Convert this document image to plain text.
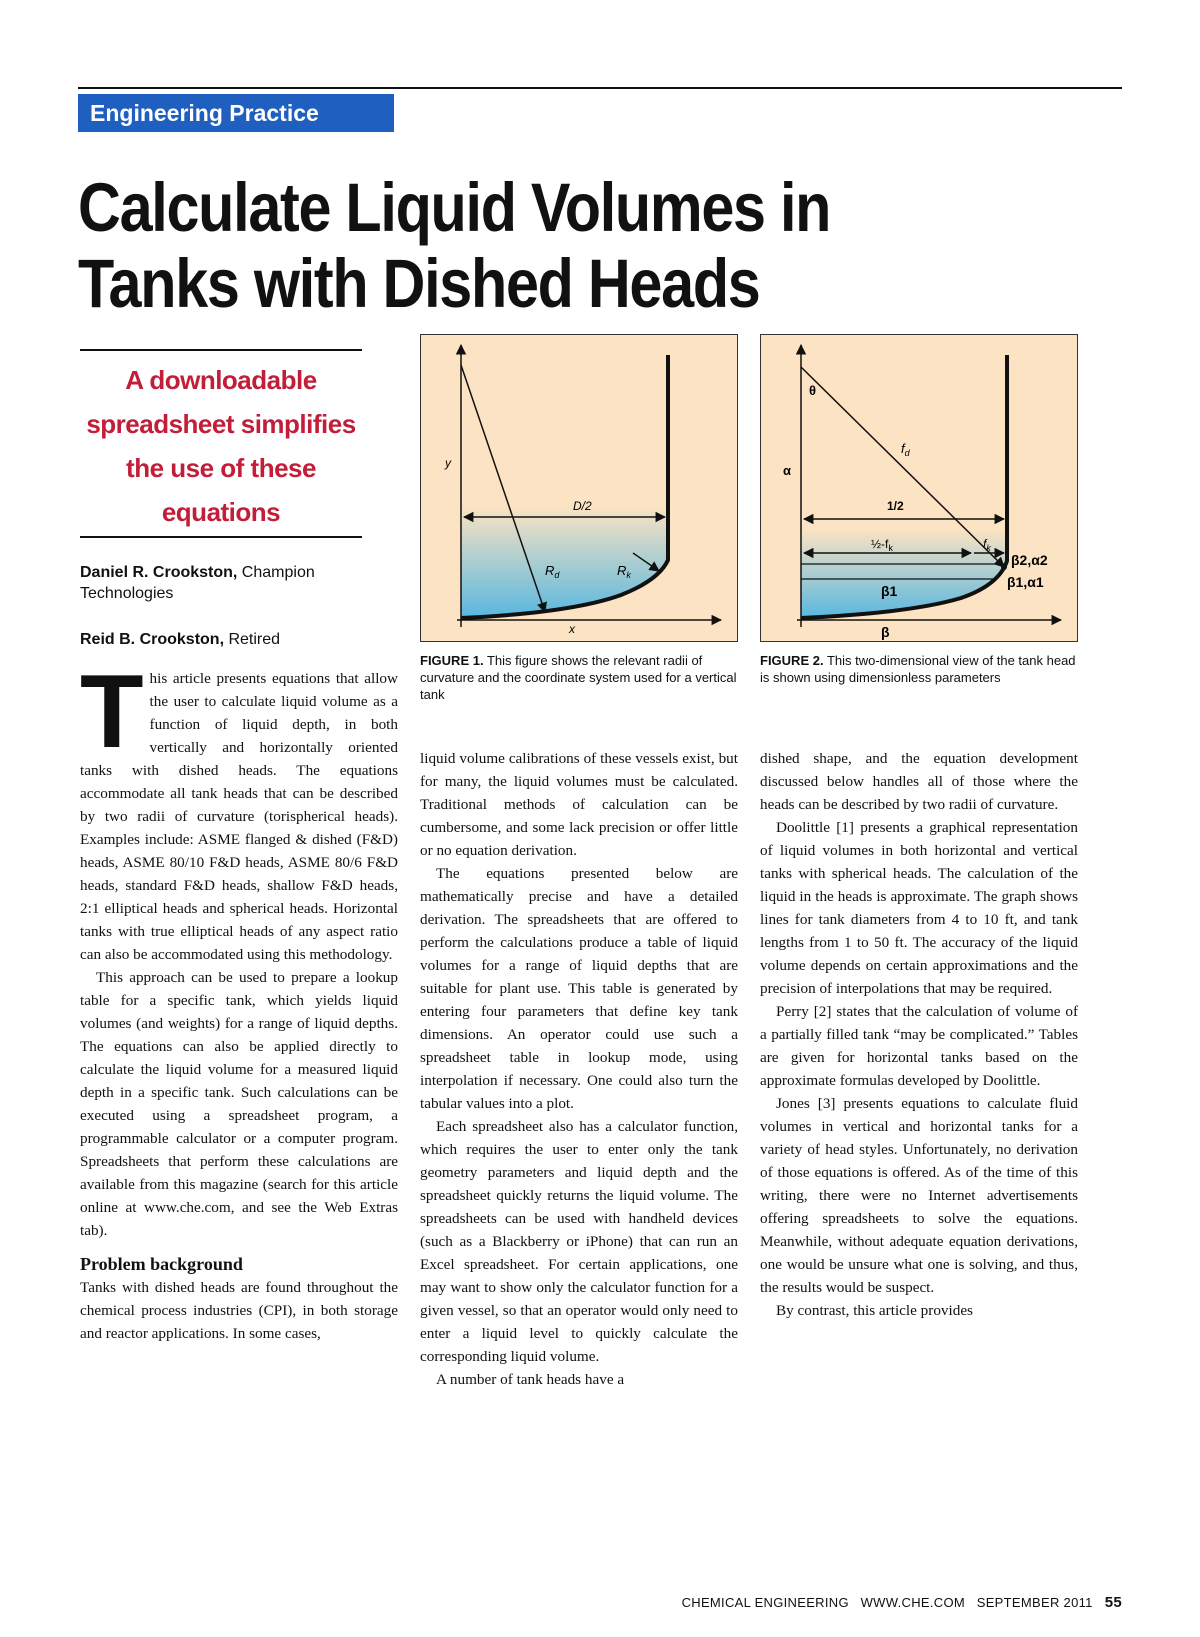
Engineering Practice
Calculate Liquid Volumes in
Tanks with Dished Heads
A downloadable
spreadsheet simplifies
the use of these
equations
Daniel R. Crookston, Champion Technologies
Reid B. Crookston, Retired

This article presents equations that allow the user to calculate liquid volume as a function of liquid depth, in both vertically and horizontally oriented tanks with dished heads. The equations accommodate all tank heads that can be described by two radii of curvature (torispherical heads). Examples include: ASME flanged & dished (F&D) heads, ASME 80/10 F&D heads, ASME 80/6 F&D heads, standard F&D heads, shallow F&D heads, 2:1 elliptical heads and spherical heads. Horizontal tanks with true elliptical heads of any aspect ratio can also be accommodated using this methodology.

This approach can be used to prepare a lookup table for a specific tank, which yields liquid volumes (and weights) for a range of liquid depths. The equations can also be applied directly to calculate the liquid volume for a measured liquid depth in a specific tank. Such calculations can be executed using a spreadsheet program, a programmable calculator or a computer program. Spreadsheets that perform these calculations are available from this magazine (search for this article online at www.che.com, and see the Web Extras tab).

Problem background

Tanks with dished heads are found throughout the chemical process industries (CPI), in both storage and reactor applications. In some cases,

y
x
D/2
$R_d$	$R_k$
FIGURE 1. This figure shows the relevant radii of curvature and the coordinate system used for a vertical tank
θ
α
$f_d$
1/2
$\frac{1}{2}-f_k$	$f_k$
β2,α2
β1,α1
β1
β
FIGURE 2. This two-dimensional view of the tank head is shown using dimensionless parameters

liquid volume calibrations of these vessels exist, but for many, the liquid volumes must be calculated. Traditional methods of calculation can be cumbersome, and some lack precision or offer little or no equation derivation.

The equations presented below are mathematically precise and have a detailed derivation. The spreadsheets that are offered to perform the calculations produce a table of liquid volumes for a range of liquid depths that are suitable for plant use. This table is generated by entering four parameters that define key tank dimensions. An operator could use such a spreadsheet table in lookup mode, using interpolation if necessary. One could also turn the tabular values into a plot.

Each spreadsheet also has a calculator function, which requires the user to enter only the tank geometry parameters and liquid depth and the spreadsheet quickly returns the liquid volume. The spreadsheets can be used with handheld devices (such as a Blackberry or iPhone) that can run an Excel spreadsheet. For certain applications, one may want to show only the calculator function for a given vessel, so that an operator would only need to enter a liquid level to quickly calculate the corresponding liquid volume.

A number of tank heads have a

dished shape, and the equation development discussed below handles all of those where the heads can be described by two radii of curvature.

Doolittle [1] presents a graphical representation of liquid volumes in both horizontal and vertical tanks with spherical heads. The calculation of the liquid in the heads is approximate. The graph shows lines for tank diameters from 4 to 10 ft, and tank lengths from 1 to 50 ft. The accuracy of the liquid volume depends on certain approximations and the precision of interpolations that may be required.

Perry [2] states that the calculation of volume of a partially filled tank “may be complicated.” Tables are given for horizontal tanks based on the approximate formulas developed by Doolittle.

Jones [3] presents equations to calculate fluid volumes in vertical and horizontal tanks for a variety of head styles. Unfortunately, no derivation of those equations is offered. As of the time of this writing, there were no Internet advertisements offering spreadsheets to solve the equations. Meanwhile, without adequate equation derivations, one would be unsure what one is solving, and thus, the results would be suspect.

By contrast, this article provides

CHEMICAL ENGINEERING   WWW.CHE.COM   SEPTEMBER 2011 55
